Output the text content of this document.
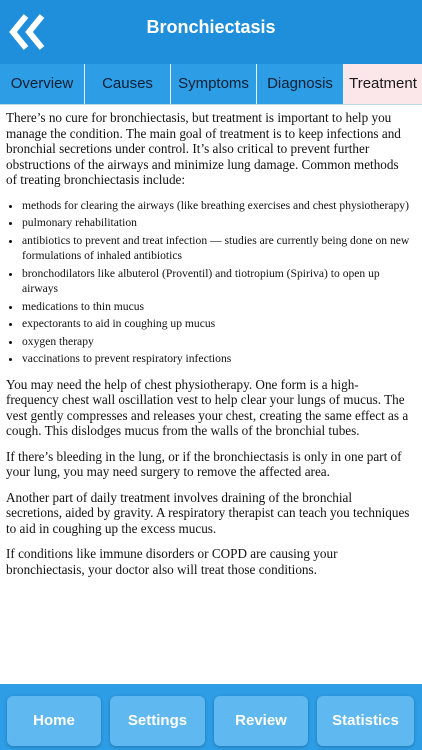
Bronchiectasis
Overview	Causes	Symptoms	Diagnosis	Treatment

There’s no cure for bronchiectasis, but treatment is important to help you manage the condition. The main goal of treatment is to keep infections and bronchial secretions under control. It’s also critical to prevent further obstructions of the airways and minimize lung damage. Common methods of treating bronchiectasis include:

• methods for clearing the airways (like breathing exercises and chest physiotherapy)
• pulmonary rehabilitation
• antibiotics to prevent and treat infection — studies are currently being done on new formulations of inhaled antibiotics
• bronchodilators like albuterol (Proventil) and tiotropium (Spiriva) to open up airways
• medications to thin mucus
• expectorants to aid in coughing up mucus
• oxygen therapy
• vaccinations to prevent respiratory infections

You may need the help of chest physiotherapy. One form is a high-frequency chest wall oscillation vest to help clear your lungs of mucus. The vest gently compresses and releases your chest, creating the same effect as a cough. This dislodges mucus from the walls of the bronchial tubes.

If there’s bleeding in the lung, or if the bronchiectasis is only in one part of your lung, you may need surgery to remove the affected area.

Another part of daily treatment involves draining of the bronchial secretions, aided by gravity. A respiratory therapist can teach you techniques to aid in coughing up the excess mucus.

If conditions like immune disorders or COPD are causing your bronchiectasis, your doctor also will treat those conditions.

Home	Settings	Review	Statistics
